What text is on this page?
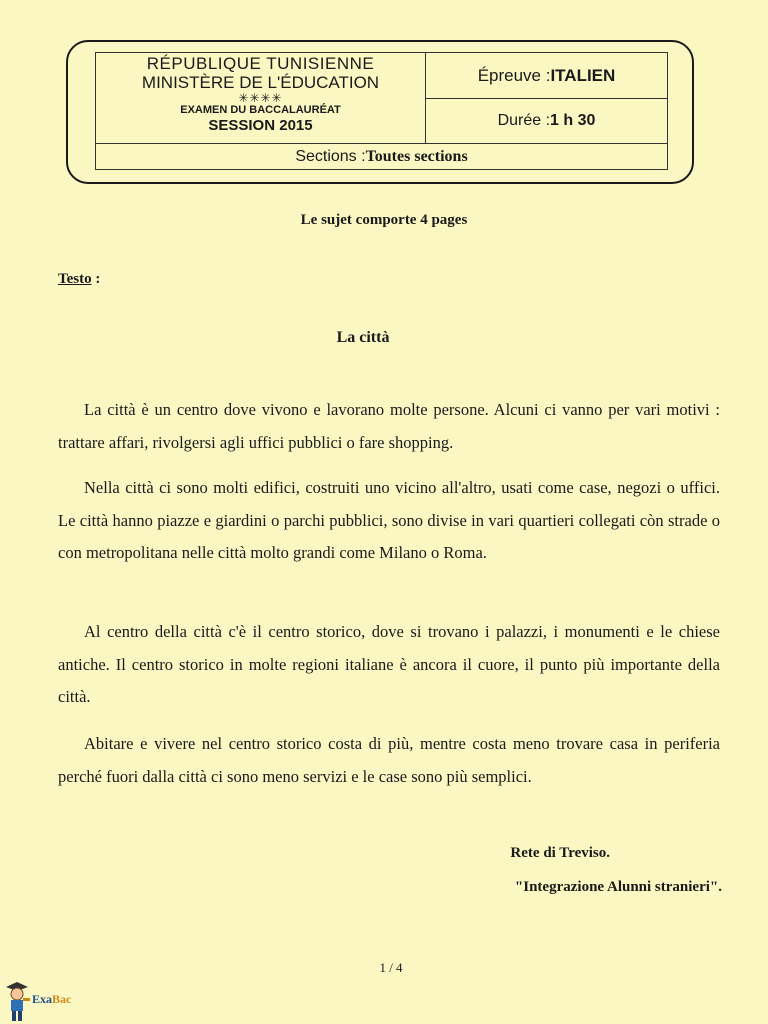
RÉPUBLIQUE TUNISIENNE
MINISTÈRE DE L'ÉDUCATION
✳✳✳✳
EXAMEN DU BACCALAURÉAT
SESSION 2015
Épreuve : ITALIEN
Durée : 1 h 30
Sections : Toutes sections
Le sujet comporte 4 pages
Testo :
La città

La città è un centro dove vivono e lavorano molte persone. Alcuni ci vanno per vari motivi : trattare affari, rivolgersi agli uffici pubblici o fare shopping.

Nella città ci sono molti edifici, costruiti uno vicino all'altro, usati come case, negozi o uffici. Le città hanno piazze e giardini o parchi pubblici, sono divise in vari quartieri collegati còn strade o con metropolitana nelle città molto grandi come Milano o Roma.

Al centro della città c'è il centro storico, dove si trovano i palazzi, i monumenti e le chiese antiche. Il centro storico in molte regioni italiane è ancora il cuore, il punto più importante della città.

Abitare e vivere nel centro storico costa di più, mentre costa meno trovare casa in periferia perché fuori dalla città ci sono meno servizi e le case sono più semplici.

Rete di Treviso.
"Integrazione Alunni stranieri".
1 / 4
ExaBac
